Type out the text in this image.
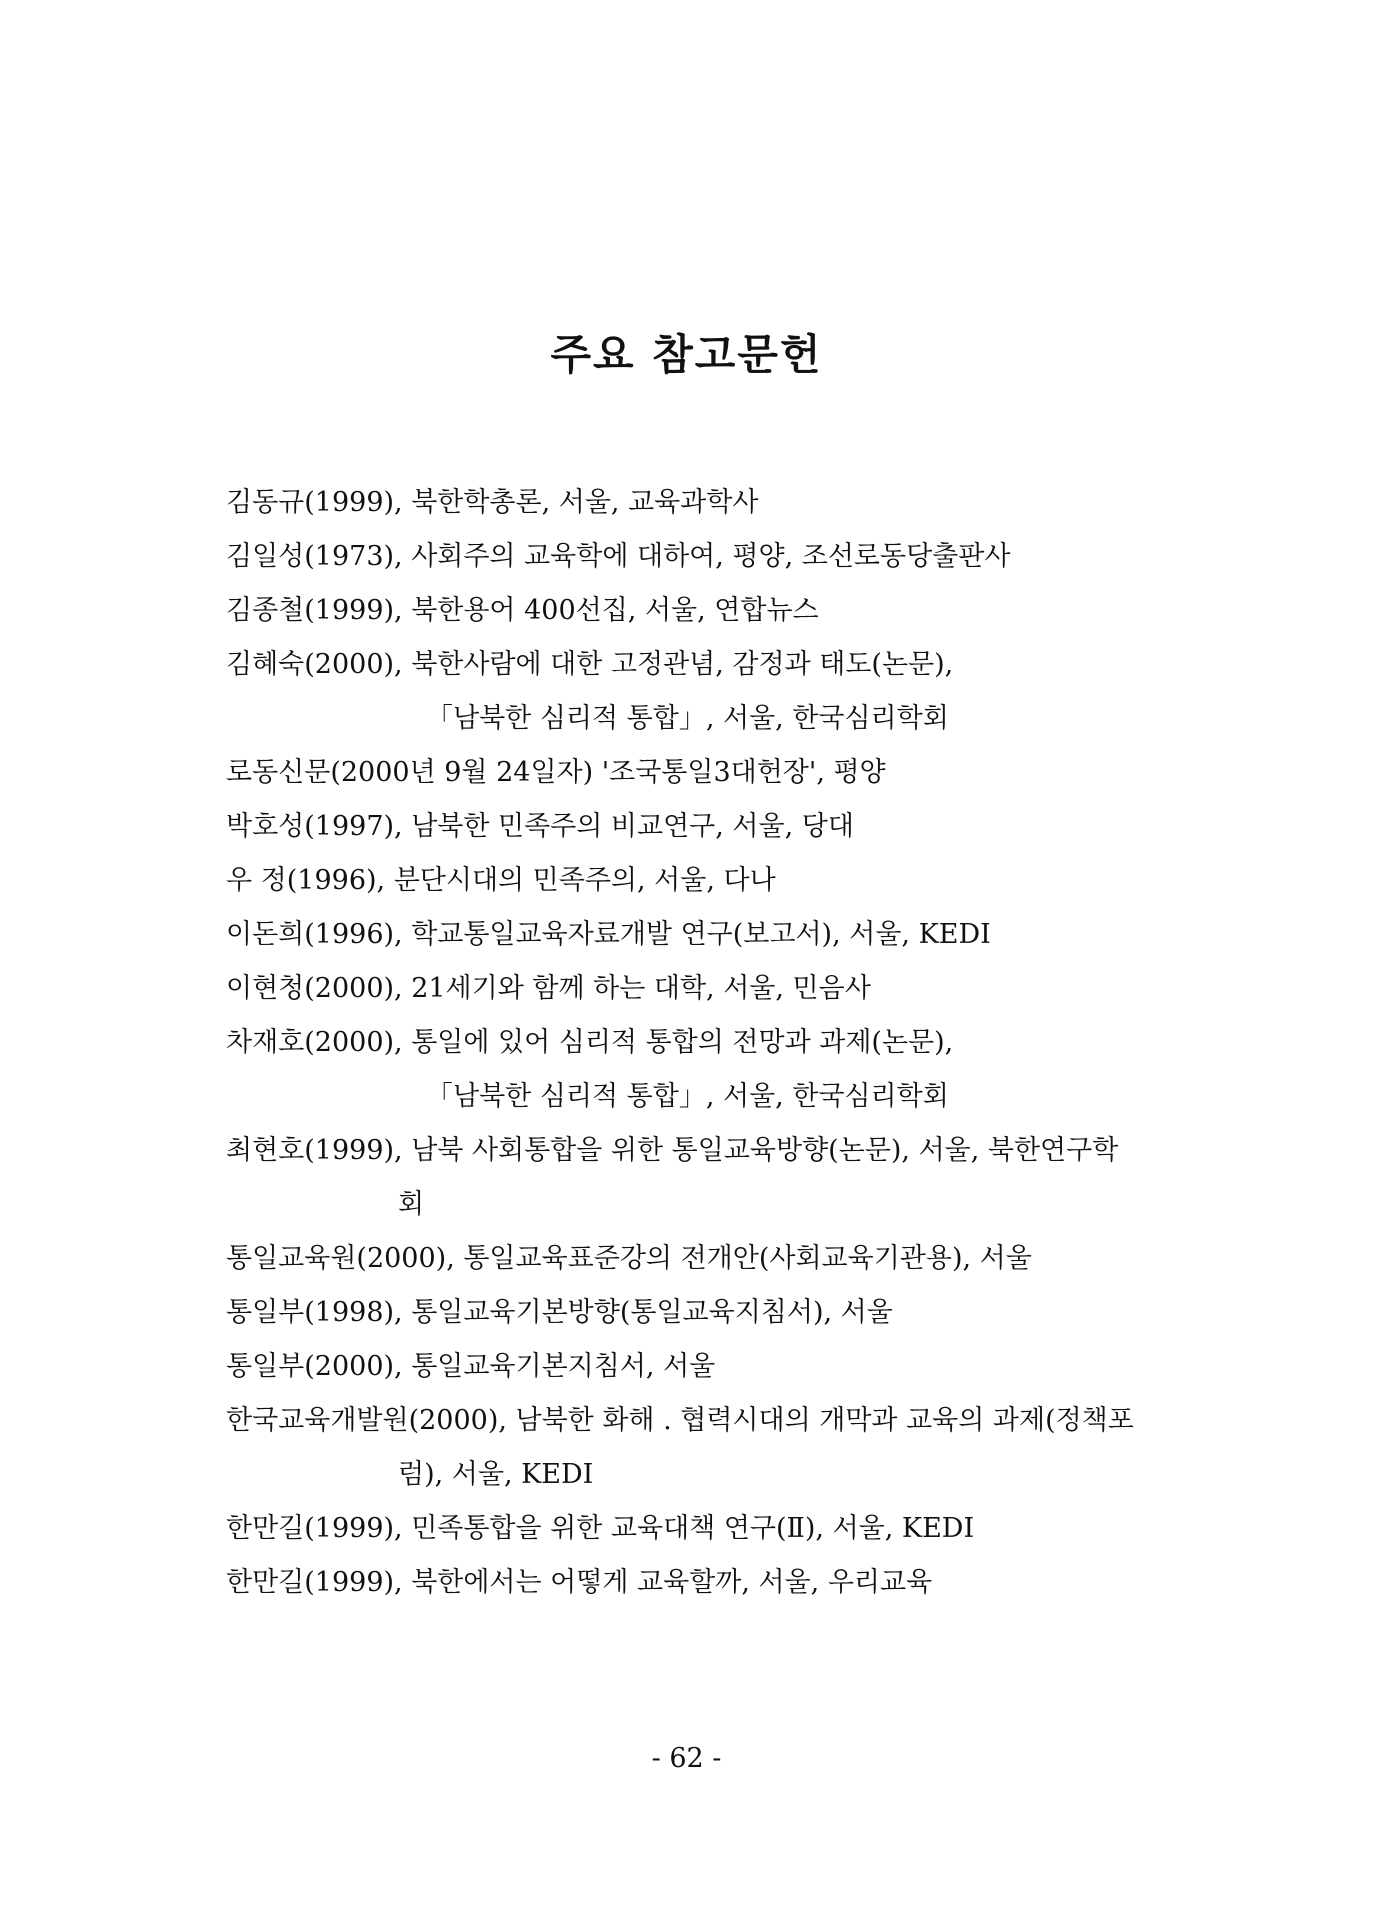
주요 참고문헌
김동규(1999), 북한학총론, 서울, 교육과학사
김일성(1973), 사회주의 교육학에 대하여, 평양, 조선로동당출판사
김종철(1999), 북한용어 400선집, 서울, 연합뉴스
김혜숙(2000), 북한사람에 대한 고정관념, 감정과 태도(논문),
「남북한 심리적 통합」, 서울, 한국심리학회
로동신문(2000년 9월 24일자) '조국통일3대헌장', 평양
박호성(1997), 남북한 민족주의 비교연구, 서울, 당대
우 정(1996), 분단시대의 민족주의, 서울, 다나
이돈희(1996), 학교통일교육자료개발 연구(보고서), 서울, KEDI
이현청(2000), 21세기와 함께 하는 대학, 서울, 민음사
차재호(2000), 통일에 있어 심리적 통합의 전망과 과제(논문),
「남북한 심리적 통합」, 서울, 한국심리학회
최현호(1999), 남북 사회통합을 위한 통일교육방향(논문), 서울, 북한연구학
회
통일교육원(2000), 통일교육표준강의 전개안(사회교육기관용), 서울
통일부(1998), 통일교육기본방향(통일교육지침서), 서울
통일부(2000), 통일교육기본지침서, 서울
한국교육개발원(2000), 남북한 화해 . 협력시대의 개막과 교육의 과제(정책포
럼), 서울, KEDI
한만길(1999), 민족통합을 위한 교육대책 연구(Ⅱ), 서울, KEDI
한만길(1999), 북한에서는 어떻게 교육할까, 서울, 우리교육
- 62 -
